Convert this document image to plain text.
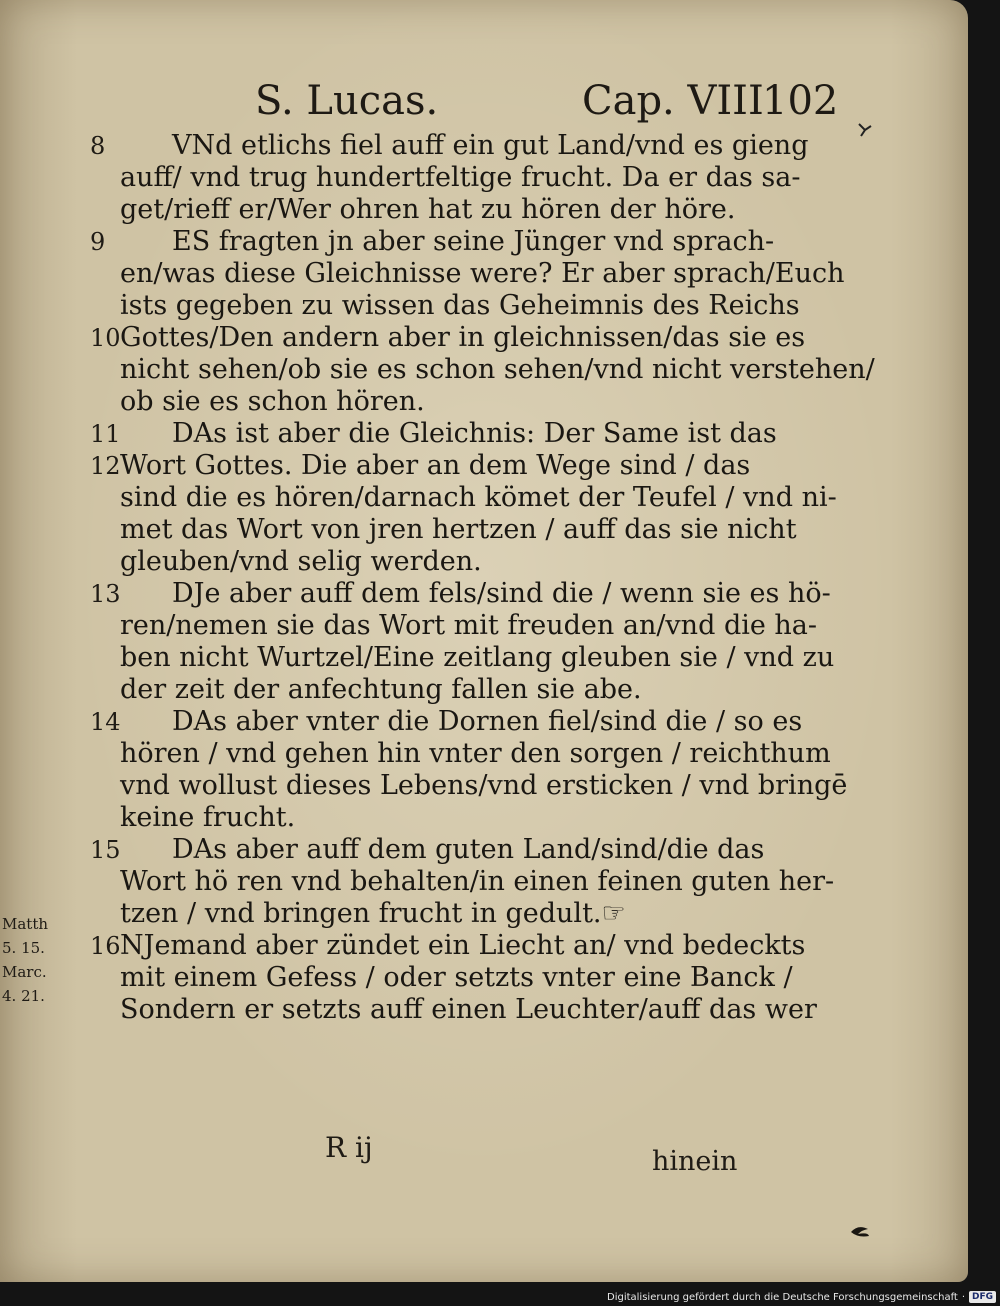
S. Lucas.	Cap. VIII
102
8	VNd etlichs fiel auff ein gut Land/vnd es gieng
auff/ vnd trug hundertfeltige frucht. Da er das sa-
get/rieff er/Wer ohren hat zu hören der höre.
9	ES fragten jn aber seine Jünger vnd sprach-
en/was diese Gleichnisse were? Er aber sprach/Euch
ists gegeben zu wissen das Geheimnis des Reichs
10 Gottes/Den andern aber in gleichnissen/das sie es
nicht sehen/ob sie es schon sehen/vnd nicht verstehen/
ob sie es schon hören.
11 DAs ist aber die Gleichnis: Der Same ist das
12 Wort Gottes. Die aber an dem Wege sind / das
sind die es hören/darnach kömet der Teufel / vnd ni-
met das Wort von jren hertzen / auff das sie nicht
gleuben/vnd selig werden.
13 DJe aber auff dem fels/sind die / wenn sie es hö-
ren/nemen sie das Wort mit freuden an/vnd die ha-
ben nicht Wurtzel/Eine zeitlang gleuben sie / vnd zu
der zeit der anfechtung fallen sie abe.
14 DAs aber vnter die Dornen fiel/sind die / so es
hören / vnd gehen hin vnter den sorgen / reichthum
vnd wollust dieses Lebens/vnd ersticken / vnd bringē
keine frucht.
15 DAs aber auff dem guten Land/sind/die das
Wort hö ren vnd behalten/in einen feinen guten her-
tzen / vnd bringen frucht in gedult.☞
16 NJemand aber zündet ein Liecht an/ vnd bedeckts
mit einem Gefess / oder setzts vnter eine Banck /
Sondern er setzts auff einen Leuchter/auff das wer
Matth
5. 15.
Marc.
4. 21.
R ij	hinein
Digitalisierung gefördert durch die Deutsche Forschungsgemeinschaft · DFG
